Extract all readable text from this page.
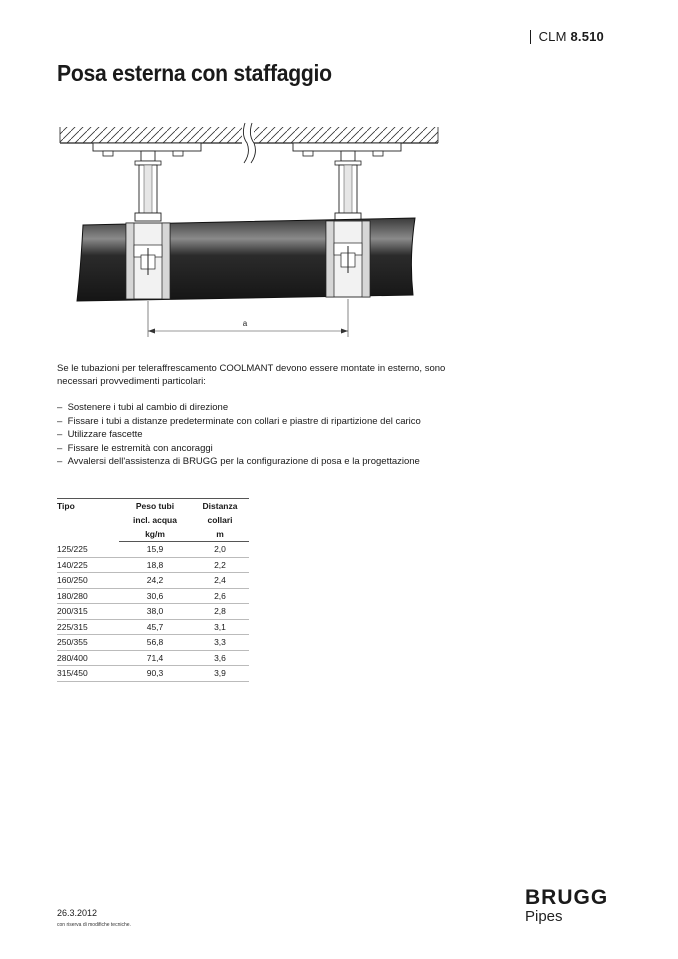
CLM 8.510
Posa esterna con staffaggio
a

Se le tubazioni per teleraffrescamento COOLMANT devono essere montate in esterno, sono necessari provvedimenti particolari:

–  Sostenere i tubi al cambio di direzione
–  Fissare i tubi a distanze predeterminate con collari e piastre di ripartizione del carico
–  Utilizzare fascette
–  Fissare le estremità con ancoraggi
–  Avvalersi dell'assistenza di BRUGG per la configurazione di posa e la progettazione
Tipo	Peso tubi	Distanza
	incl. acqua	collari
	kg/m	m
125/225	15,9	2,0
140/225	18,8	2,2
160/250	24,2	2,4
180/280	30,6	2,6
200/315	38,0	2,8
225/315	45,7	3,1
250/355	56,8	3,3
280/400	71,4	3,6
315/450	90,3	3,9
26.3.2012
con riserva di modifiche tecniche.
BRUGG
Pipes
